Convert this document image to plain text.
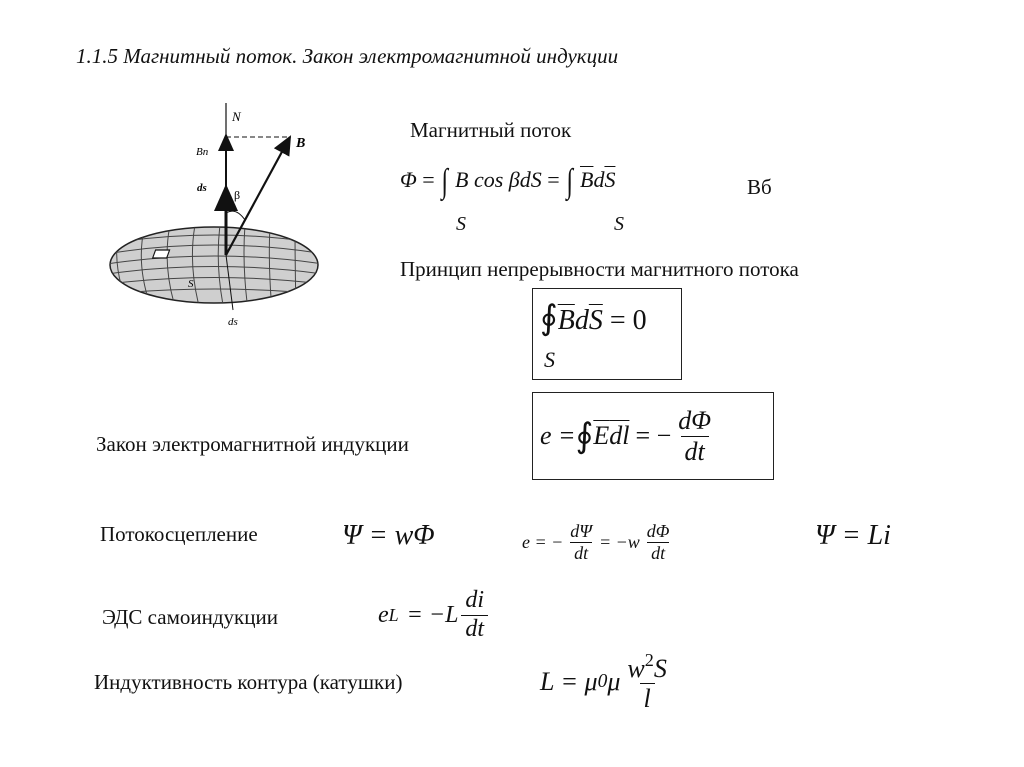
1.1.5 Магнитный поток. Закон электромагнитной индукции
N
Bn
B
ds β
S
ds
Магнитный поток
Φ = ∫ B cos βdS = ∫ $\overline{B}d\overline{S}$
S	S
Вб
Принцип непрерывности магнитного потока
$∮\overline{B}d\overline{S} = 0$
S
Закон электромагнитной индукции	e = ∮ $\overline{E}$ $\overline{dl}$ = − $\frac{d\Phi}{dt}$
Потокосцепление	Ψ = wΦ	e = − $\frac{d\Psi}{dt} = -w \frac{d\Phi}{dt}$	Ψ = Li
ЭДС самоиндукции	e $L = -L \frac{di}{dt}$
Индуктивность контура (катушки)	L = μ 0 μ $\frac{w^2S}{l}$
